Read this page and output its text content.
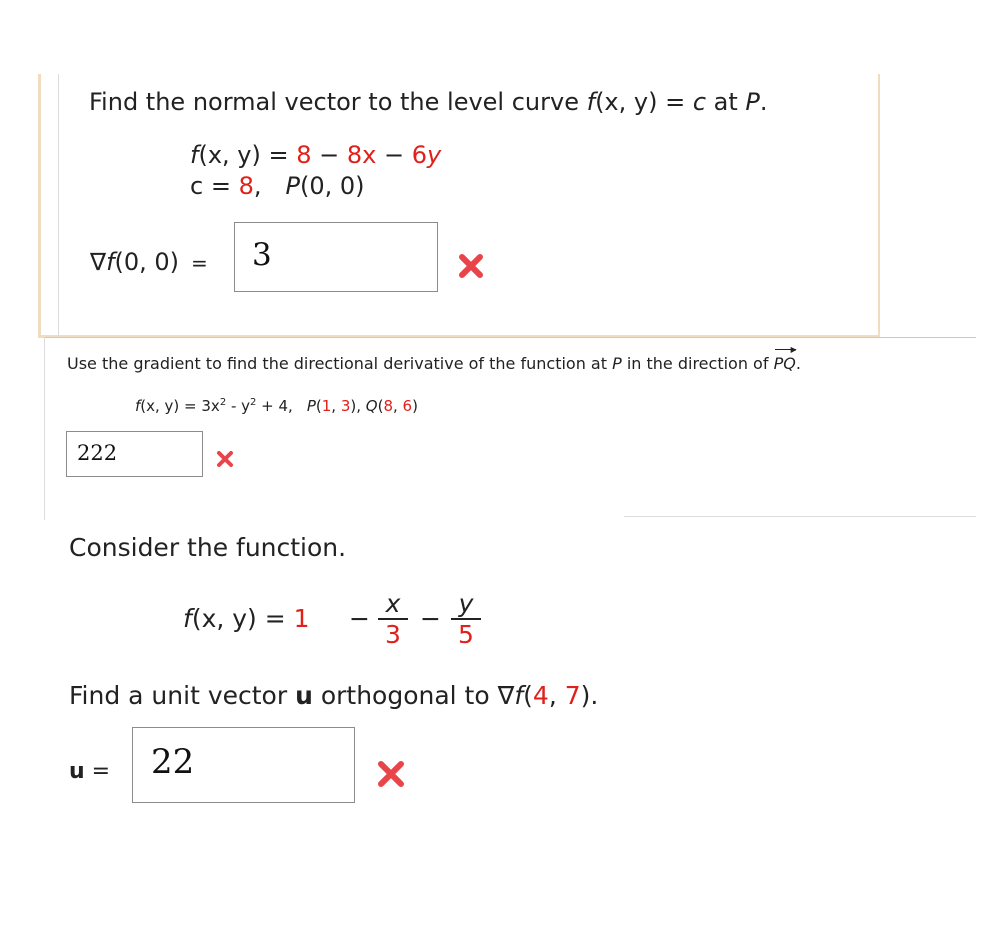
Find the normal vector to the level curve f(x, y) = c at P.
f(x, y) = 8 − 8x − 6y
c = 8, P(0, 0)
∇f(0, 0) =	3
Use the gradient to find the directional derivative of the function at P in the direction of
▶
PQ.
f(x, $y) = 3x^2 - y^2 + 4$, P(1, 3), Q(8, 6)
222
Consider the function.
f(x, y) = 1 −
x
3
−
y
5
Find a unit vector u orthogonal to ∇f(4, 7).
u =	22
